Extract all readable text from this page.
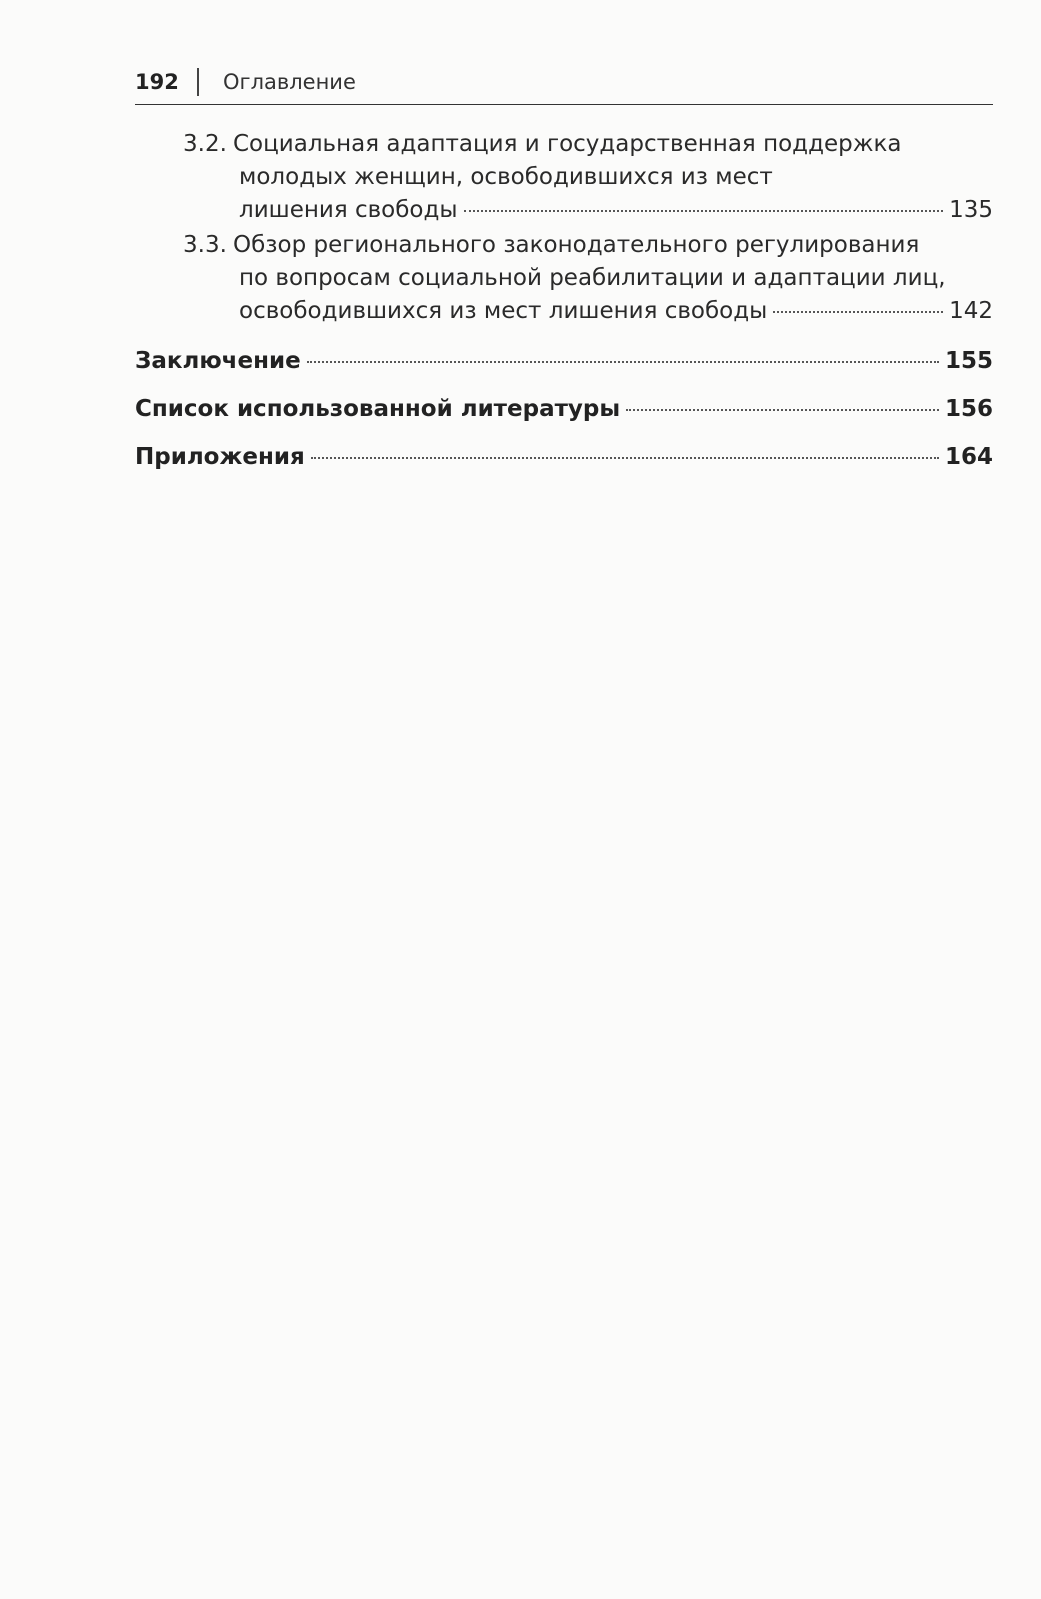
192 Оглавление
3.2. Социальная адаптация и государственная поддержка
молодых женщин, освободившихся из мест
лишения свободы	135
3.3. Обзор регионального законодательного регулирования
по вопросам социальной реабилитации и адаптации лиц,
освободившихся из мест лишения свободы	142
Заключение	155
Список использованной литературы	156
Приложения	164
